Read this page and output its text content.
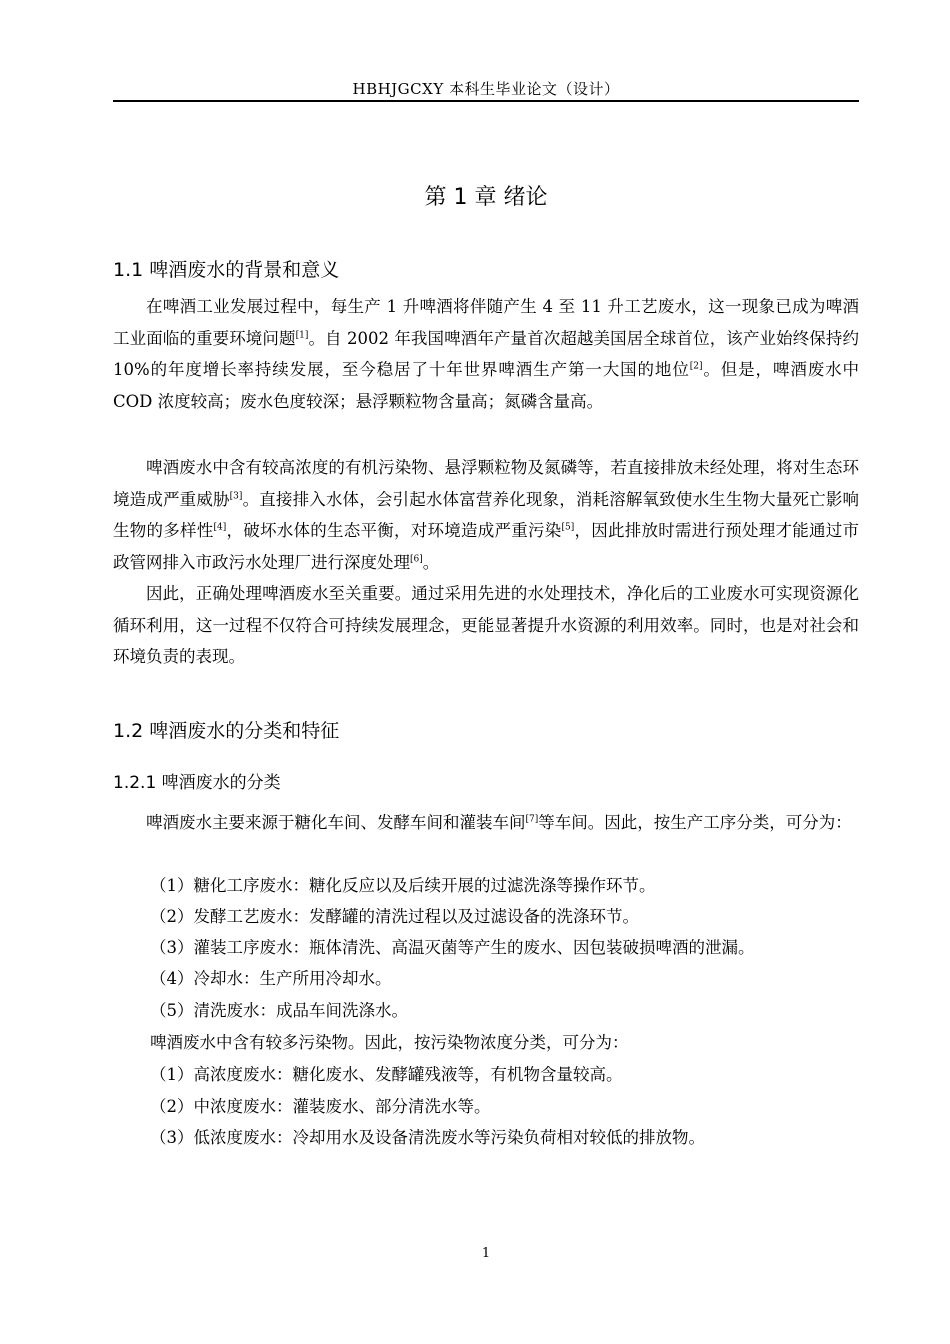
HBHJGCXY 本科生毕业论文（设计）
第 1 章 绪论
1.1 啤酒废水的背景和意义

在啤酒工业发展过程中，每生产 1 升啤酒将伴随产生 4 至 11 升工艺废水，这一现象已成为啤酒工业面临的重要环境问题[1]。自 2002 年我国啤酒年产量首次超越美国居全球首位，该产业始终保持约 10%的年度增长率持续发展，至今稳居了十年世界啤酒生产第一大国的地位[2]。但是，啤酒废水中 COD 浓度较高；废水色度较深；悬浮颗粒物含量高；氮磷含量高。

啤酒废水中含有较高浓度的有机污染物、悬浮颗粒物及氮磷等，若直接排放未经处理，将对生态环境造成严重威胁[3]。直接排入水体，会引起水体富营养化现象，消耗溶解氧致使水生生物大量死亡影响生物的多样性[4]，破坏水体的生态平衡，对环境造成严重污染[5]，因此排放时需进行预处理才能通过市政管网排入市政污水处理厂进行深度处理[6]。

因此，正确处理啤酒废水至关重要。通过采用先进的水处理技术，净化后的工业废水可实现资源化循环利用，这一过程不仅符合可持续发展理念，更能显著提升水资源的利用效率。同时，也是对社会和环境负责的表现。

1.2 啤酒废水的分类和特征
1.2.1 啤酒废水的分类

啤酒废水主要来源于糖化车间、发酵车间和灌装车间[7]等车间。因此，按生产工序分类，可分为：

（1）糖化工序废水：糖化反应以及后续开展的过滤洗涤等操作环节。
（2）发酵工艺废水：发酵罐的清洗过程以及过滤设备的洗涤环节。
（3）灌装工序废水：瓶体清洗、高温灭菌等产生的废水、因包装破损啤酒的泄漏。
（4）冷却水：生产所用冷却水。
（5）清洗废水：成品车间洗涤水。
啤酒废水中含有较多污染物。因此，按污染物浓度分类，可分为：
（1）高浓度废水：糖化废水、发酵罐残液等，有机物含量较高。
（2）中浓度废水：灌装废水、部分清洗水等。
（3）低浓度废水：冷却用水及设备清洗废水等污染负荷相对较低的排放物。
1
